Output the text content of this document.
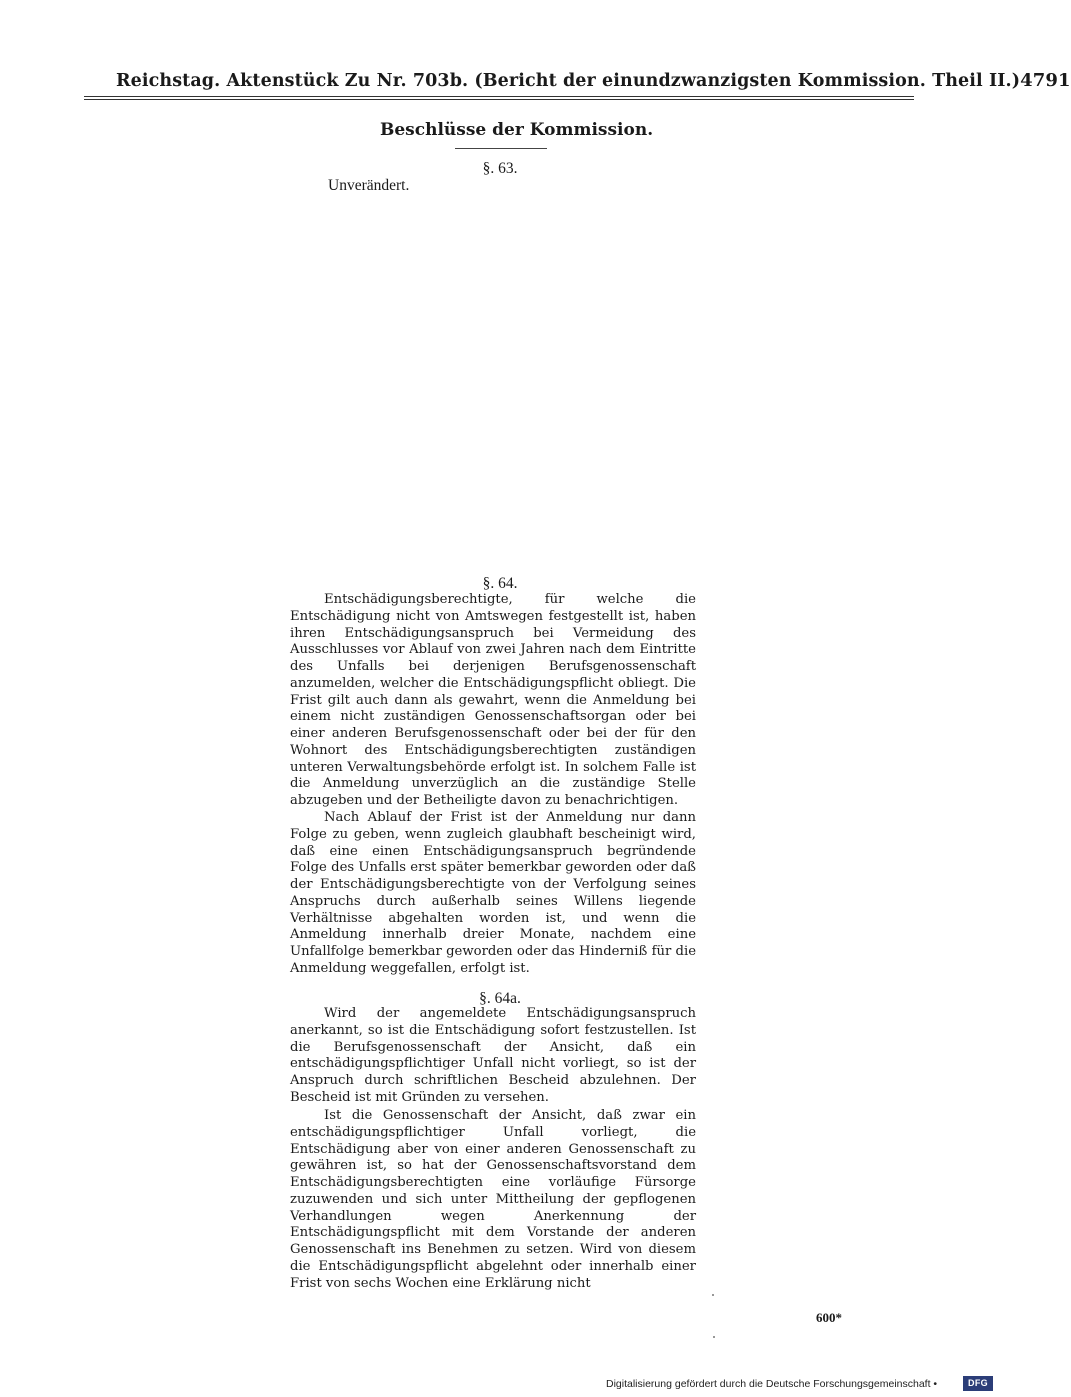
Reichstag. Aktenstück Zu Nr. 703b. (Bericht der einundzwanzigsten Kommission. Theil II.) 4791
Beschlüsse der Kommission.
§. 63.
Unverändert.
§. 64.

Entschädigungsberechtigte, für welche die Entschädigung nicht von Amtswegen festgestellt ist, haben ihren Entschädigungsanspruch bei Vermeidung des Ausschlusses vor Ablauf von zwei Jahren nach dem Eintritte des Unfalls bei derjenigen Berufsgenossenschaft anzumelden, welcher die Entschädigungspflicht obliegt. Die Frist gilt auch dann als gewahrt, wenn die Anmeldung bei einem nicht zuständigen Genossenschaftsorgan oder bei einer anderen Berufsgenossenschaft oder bei der für den Wohnort des Entschädigungsberechtigten zuständigen unteren Verwaltungsbehörde erfolgt ist. In solchem Falle ist die Anmeldung unverzüglich an die zuständige Stelle abzugeben und der Betheiligte davon zu benachrichtigen.

Nach Ablauf der Frist ist der Anmeldung nur dann Folge zu geben, wenn zugleich glaubhaft bescheinigt wird, daß eine einen Entschädigungsanspruch begründende Folge des Unfalls erst später bemerkbar geworden oder daß der Entschädigungsberechtigte von der Verfolgung seines Anspruchs durch außerhalb seines Willens liegende Verhältnisse abgehalten worden ist, und wenn die Anmeldung innerhalb dreier Monate, nachdem eine Unfallfolge bemerkbar geworden oder das Hinderniß für die Anmeldung weggefallen, erfolgt ist.

§. 64a.

Wird der angemeldete Entschädigungsanspruch anerkannt, so ist die Entschädigung sofort festzustellen. Ist die Berufsgenossenschaft der Ansicht, daß ein entschädigungspflichtiger Unfall nicht vorliegt, so ist der Anspruch durch schriftlichen Bescheid abzulehnen. Der Bescheid ist mit Gründen zu versehen.

Ist die Genossenschaft der Ansicht, daß zwar ein entschädigungspflichtiger Unfall vorliegt, die Entschädigung aber von einer anderen Genossenschaft zu gewähren ist, so hat der Genossenschaftsvorstand dem Entschädigungsberechtigten eine vorläufige Fürsorge zuzuwenden und sich unter Mittheilung der gepflogenen Verhandlungen wegen Anerkennung der Entschädigungspflicht mit dem Vorstande der anderen Genossenschaft ins Benehmen zu setzen. Wird von diesem die Entschädigungspflicht abgelehnt oder innerhalb einer Frist von sechs Wochen eine Erklärung nicht

600*
Digitalisierung gefördert durch die Deutsche Forschungsgemeinschaft •	DFG
